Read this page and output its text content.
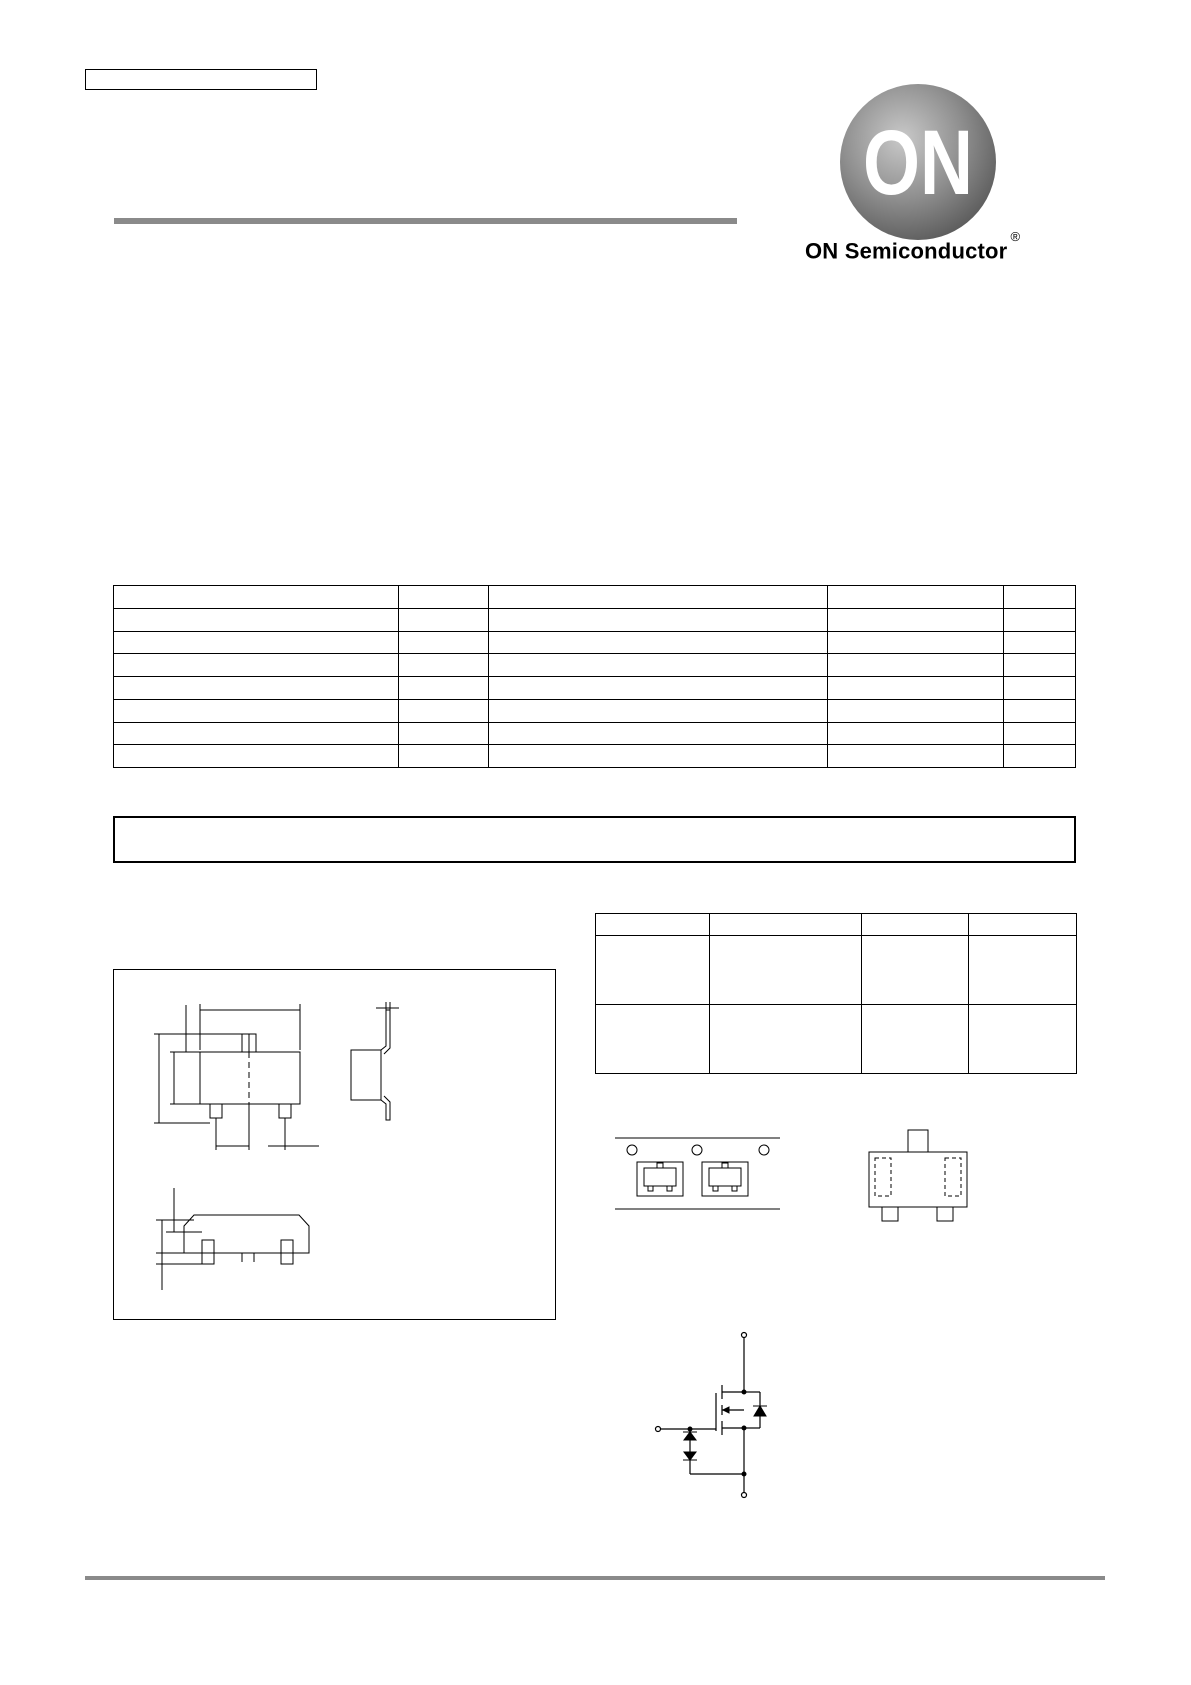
ON
ON Semiconductor®
